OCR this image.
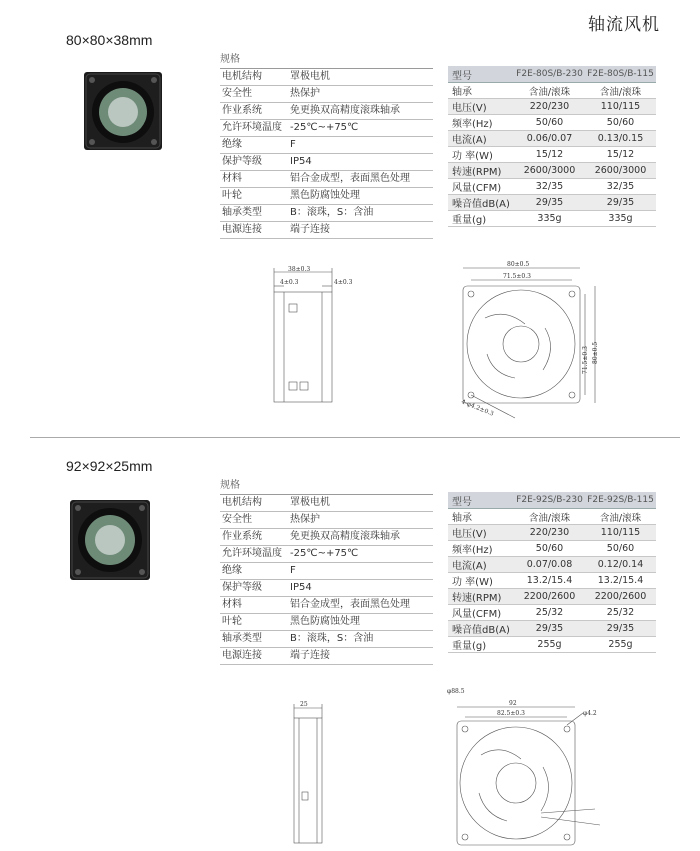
轴流风机
80×80×38mm
规格
电机结构	罩极电机
安全性	热保护
作业系统	免更换双高精度滚珠轴承
允许环境温度 -25℃~+75℃
绝缘	F
保护等级	IP54
材料	铝合金成型，表面黑色处理
叶轮	黑色防腐蚀处理
轴承类型	B：滚珠，S：含油
电源连接	端子连接
型号	F2E-80S/B-230	F2E-80S/B-115
轴承	含油/滚珠	含油/滚珠
电压(V)	220/230	110/115
频率(Hz)	50/60	50/60
电流(A)	0.06/0.07	0.13/0.15
功 率(W)	15/12	15/12
转速(RPM)	2600/3000	2600/3000
风量(CFM)	32/35	32/35
噪音值dB(A)	29/35	29/35
重量(g)	335g	335g
38±0.3
4±0.3	4±0.3
80±0.5
71.5±0.3
71.5±0.3 80±0.5
4-φ4.2±0.3
92×92×25mm
规格
电机结构	罩极电机
安全性	热保护
作业系统	免更换双高精度滚珠轴承
允许环境温度 -25℃~+75℃
绝缘	F
保护等级	IP54
材料	铝合金成型，表面黑色处理
叶轮	黑色防腐蚀处理
轴承类型	B：滚珠，S：含油
电源连接	端子连接
型号	F2E-92S/B-230	F2E-92S/B-115
轴承	含油/滚珠	含油/滚珠
电压(V)	220/230	110/115
频率(Hz)	50/60	50/60
电流(A)	0.07/0.08	0.12/0.14
功 率(W)	13.2/15.4	13.2/15.4
转速(RPM)	2200/2600	2200/2600
风量(CFM)	25/32	25/32
噪音值dB(A)	29/35	29/35
重量(g)	255g	255g
25
φ88.5
92
82.5±0.3	φ4.2
